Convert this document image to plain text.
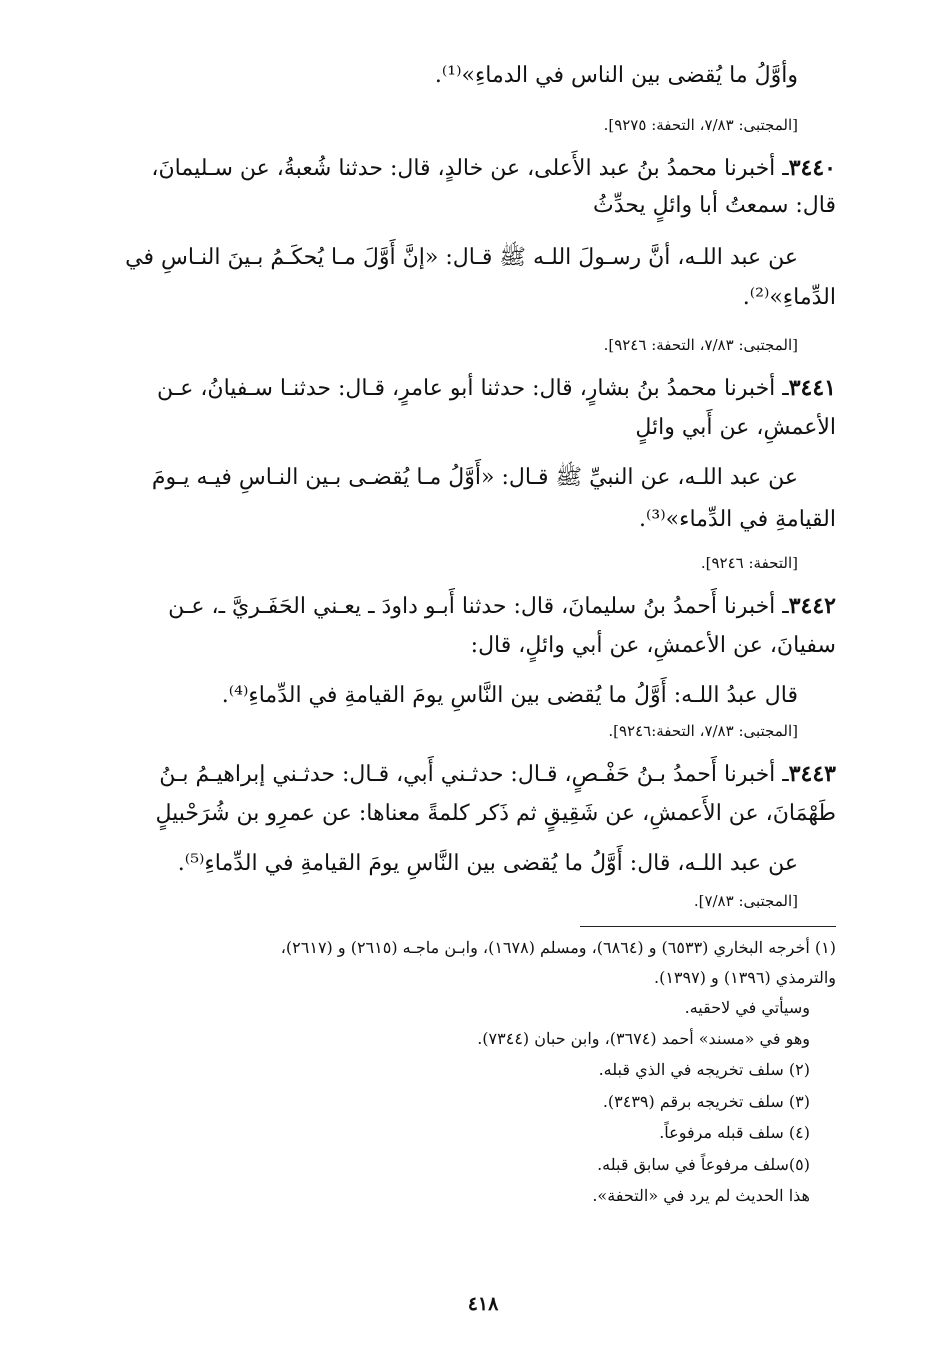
وأوَّلُ ما يُقضى بين الناس في الدماءِ»⁽¹⁾.
[المجتبى: ٧/٨٣، التحفة: ٩٢٧٥].
٣٤٤٠ـ أخبرنا محمدُ بنُ عبد الأَعلى، عن خالدٍ، قال: حدثنا شُعبةُ، عن سـليمانَ،
قال: سمعتُ أبا وائلٍ يحدِّثُ
عن عبد اللـه، أنَّ رسـولَ اللـه ﷺ قـال: «إنَّ أَوَّلَ مـا يُحكَـمُ بـينَ النـاسِ في
الدِّماءِ»⁽²⁾.
[المجتبى: ٧/٨٣، التحفة: ٩٢٤٦].
٣٤٤١ـ أخبرنا محمدُ بنُ بشارٍ، قال: حدثنا أبو عامرٍ، قـال: حدثنـا سـفيانُ، عـن
الأعمشِ، عن أَبي وائلٍ
عن عبد اللـه، عن النبيِّ ﷺ قـال: «أَوَّلُ مـا يُقضـى بـين النـاسِ فيـه يـومَ
القيامةِ في الدِّماء»⁽³⁾.
[التحفة: ٩٢٤٦].
٣٤٤٢ـ أخبرنا أَحمدُ بنُ سليمانَ، قال: حدثنا أَبـو داودَ ـ يعـني الحَفَـريَّ ـ، عـن
سفيانَ، عن الأعمشِ، عن أبي وائلٍ، قال:
قال عبدُ اللـه: أَوَّلُ ما يُقضى بين النَّاسِ يومَ القيامةِ في الدِّماءِ⁽⁴⁾.
[المجتبى: ٧/٨٣، التحفة:٩٢٤٦].
٣٤٤٣ـ أخبرنا أَحمدُ بـنُ حَفْـصٍ، قـال: حدثـني أَبي، قـال: حدثـني إبراهيـمُ بـنُ
طَهْمَانَ، عن الأَعمشِ، عن شَقِيقٍ ثم ذَكر كلمةً معناها: عن عمرِو بن شُرَحْبيلٍ
عن عبد اللـه، قال: أَوَّلُ ما يُقضى بين النَّاسِ يومَ القيامةِ في الدِّماءِ⁽⁵⁾.
[المجتبى: ٧/٨٣].
(١) أخرجه البخاري (٦٥٣٣) و (٦٨٦٤)، ومسلم (١٦٧٨)، وابـن ماجـه (٢٦١٥) و (٢٦١٧)،
والترمذي (١٣٩٦) و (١٣٩٧).
وسيأتي في لاحقيه.
وهو في «مسند» أحمد (٣٦٧٤)، وابن حبان (٧٣٤٤).
(٢) سلف تخريجه في الذي قبله.
(٣) سلف تخريجه برقم (٣٤٣٩).
(٤) سلف قبله مرفوعاً.
(٥)سلف مرفوعاً في سابق قبله.
هذا الحديث لم يرد في «التحفة».
٤١٨
